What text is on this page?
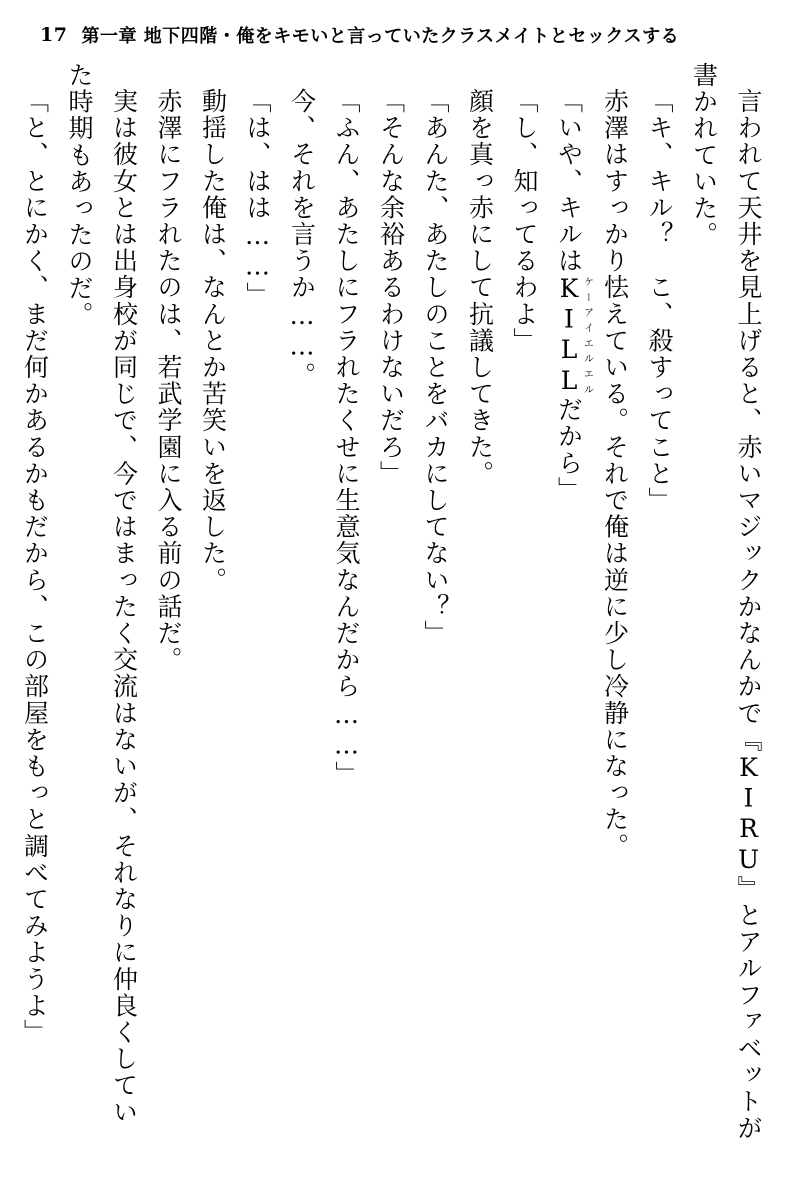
17 第一章 地下四階・俺をキモいと言っていたクラスメイトとセックスする
言われて天井を見上げると、赤いマジックかなんかで『KIRU』とアルファベットが
書かれていた。
「キ、キル？　こ、殺すってこと」
赤澤はすっかり怯えている。それで俺は逆に少し冷静になった。
「いや、キルはKILLケーアイエルエルだから」
「し、知ってるわよ」
顔を真っ赤にして抗議してきた。
「あんた、あたしのことをバカにしてない？」
「そんな余裕あるわけないだろ」
「ふん、あたしにフラれたくせに生意気なんだから……」
今、それを言うか……。
「は、はは……」
動揺した俺は、なんとか苦笑いを返した。
赤澤にフラれたのは、若武学園に入る前の話だ。
実は彼女とは出身校が同じで、今ではまったく交流はないが、それなりに仲良くしてい
た時期もあったのだ。
「と、とにかく、まだ何かあるかもだから、この部屋をもっと調べてみようよ」
